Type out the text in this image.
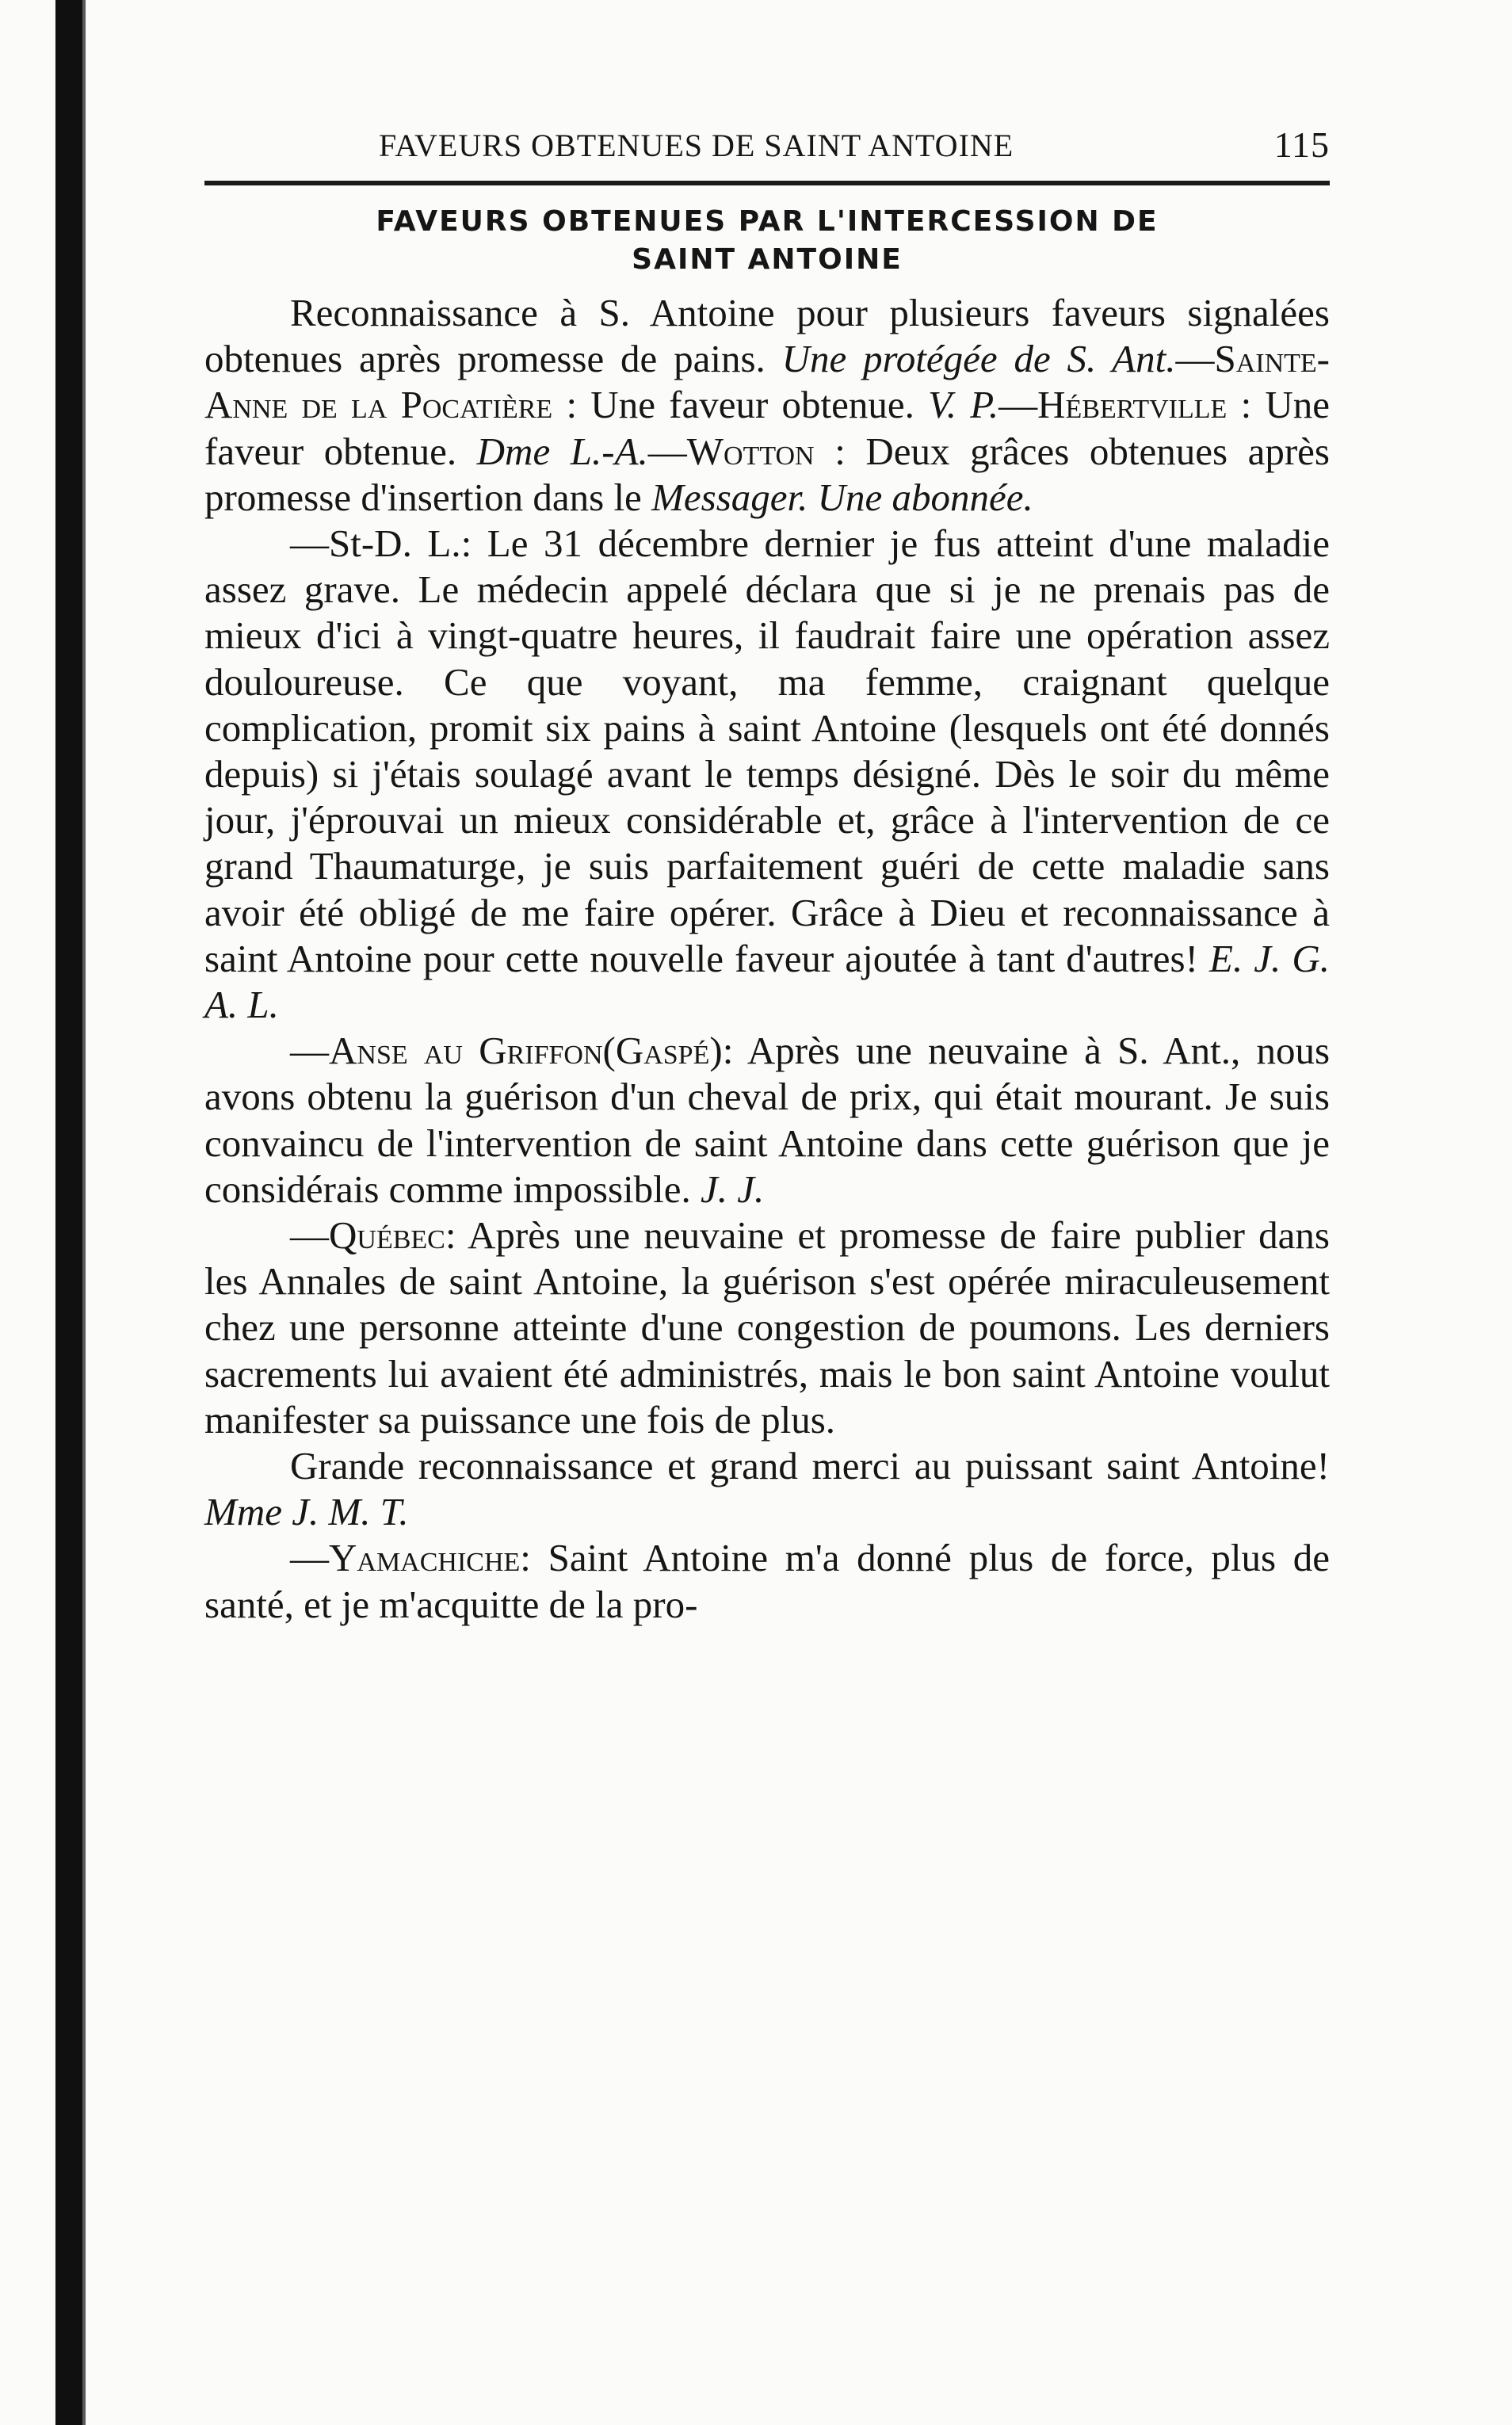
FAVEURS OBTENUES DE SAINT ANTOINE	115
FAVEURS OBTENUES PAR L'INTERCESSION DE
SAINT ANTOINE

Reconnaissance à S. Antoine pour plusieurs faveurs signalées obtenues après promesse de pains. Une protégée de S. Ant.—Sainte-Anne de la Pocatière : Une faveur obtenue. V. P.—Hébertville : Une faveur obtenue. Dme L.-A.—Wotton : Deux grâces obtenues après promesse d'insertion dans le Messager. Une abonnée.

—St-D. L.: Le 31 décembre dernier je fus atteint d'une maladie assez grave. Le médecin appelé déclara que si je ne prenais pas de mieux d'ici à vingt-quatre heures, il faudrait faire une opération assez douloureuse. Ce que voyant, ma femme, craignant quelque complication, promit six pains à saint Antoine (lesquels ont été donnés depuis) si j'étais soulagé avant le temps désigné. Dès le soir du même jour, j'éprouvai un mieux considérable et, grâce à l'intervention de ce grand Thaumaturge, je suis parfaitement guéri de cette maladie sans avoir été obligé de me faire opérer. Grâce à Dieu et reconnaissance à saint Antoine pour cette nouvelle faveur ajoutée à tant d'autres! E. J. G. A. L.

—Anse au Griffon(Gaspé): Après une neuvaine à S. Ant., nous avons obtenu la guérison d'un cheval de prix, qui était mourant. Je suis convaincu de l'intervention de saint Antoine dans cette guérison que je considérais comme impossible. J. J.

—Québec: Après une neuvaine et promesse de faire publier dans les Annales de saint Antoine, la guérison s'est opérée miraculeusement chez une personne atteinte d'une congestion de poumons. Les derniers sacrements lui avaient été administrés, mais le bon saint Antoine voulut manifester sa puissance une fois de plus.

Grande reconnaissance et grand merci au puissant saint Antoine! Mme J. M. T.

—Yamachiche: Saint Antoine m'a donné plus de force, plus de santé, et je m'acquitte de la pro-
